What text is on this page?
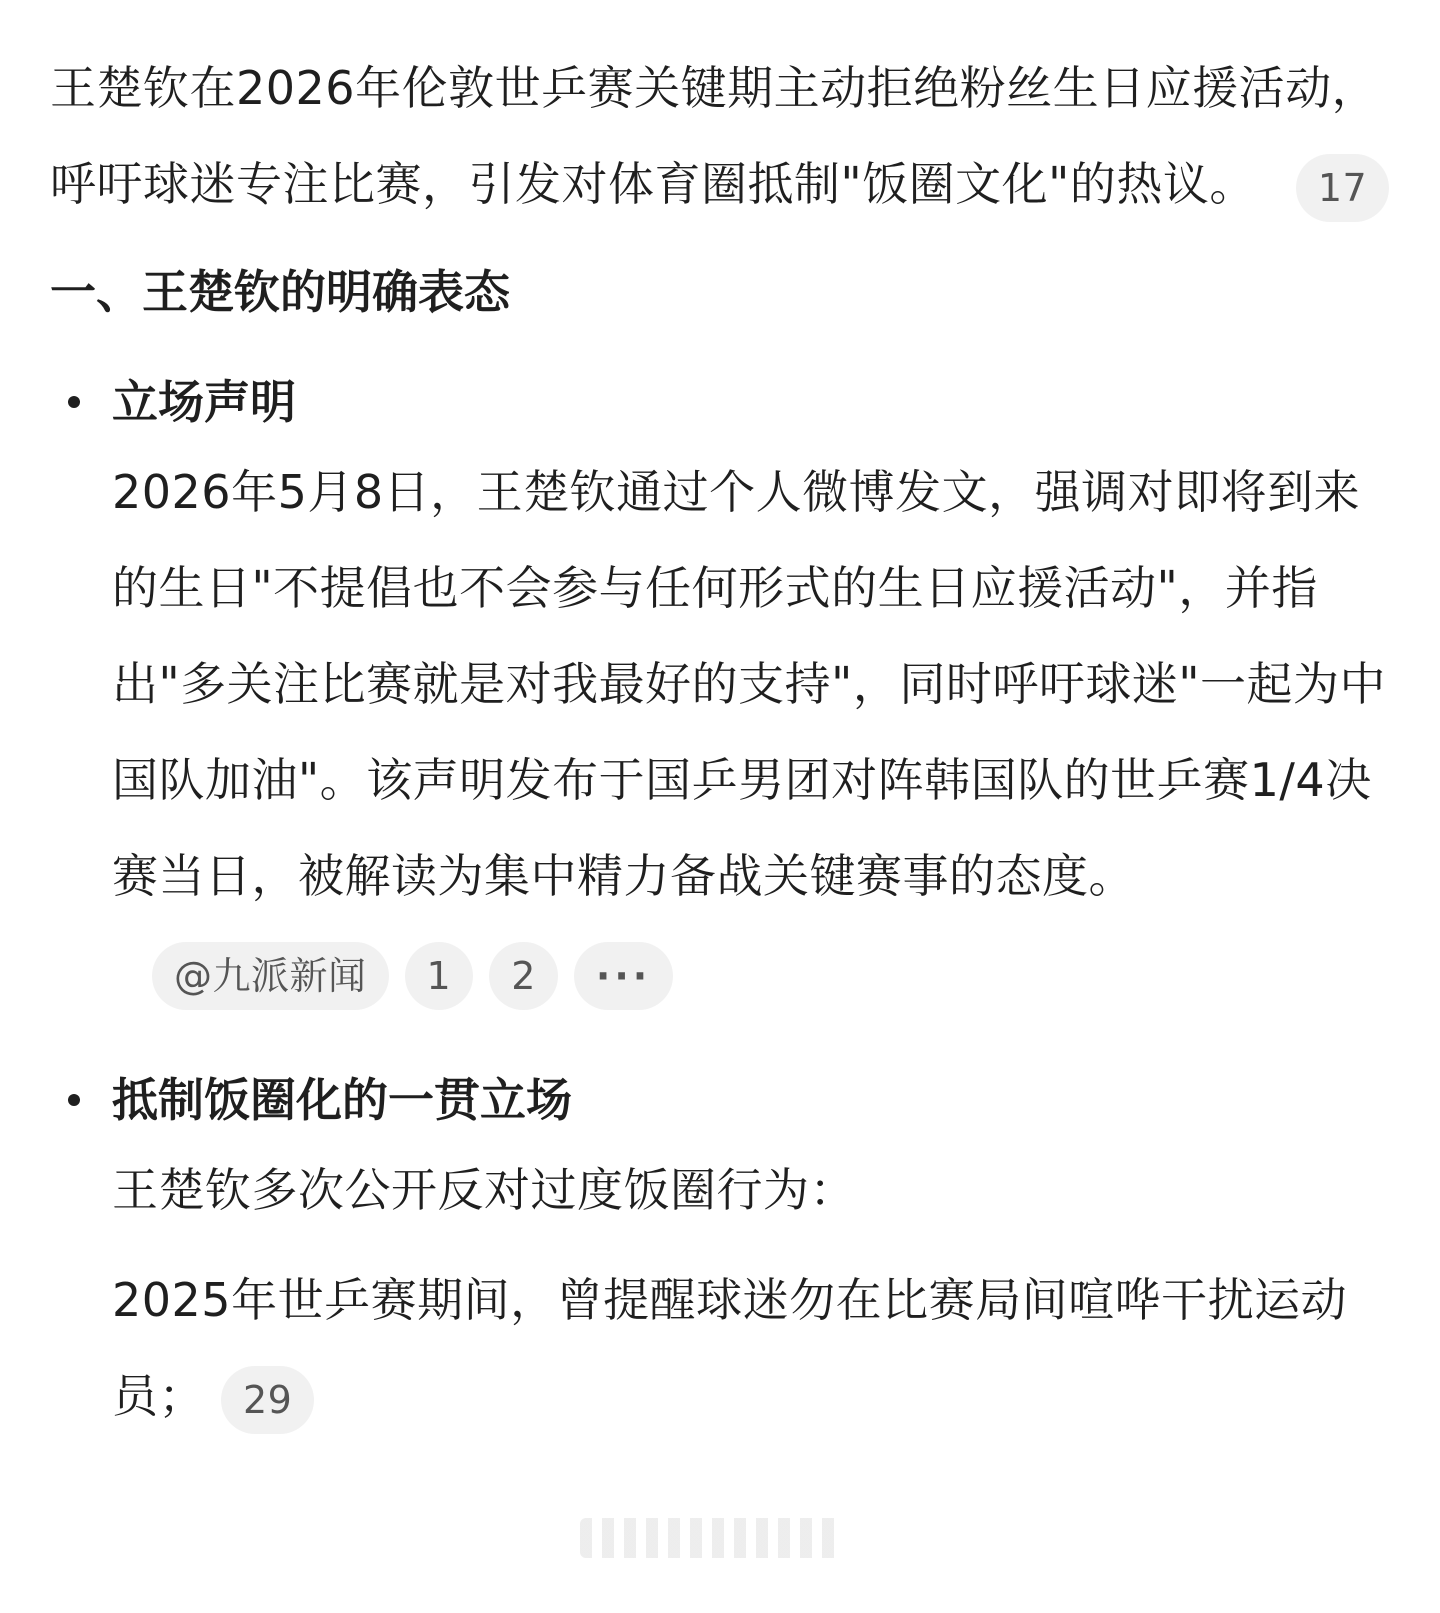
王楚钦在2026年伦敦世乒赛关键期主动拒绝粉丝生日应援活动，呼吁球迷专注比赛，引发对体育圈抵制"饭圈文化"的热议。 17

一、王楚钦的明确表态
立场声明

2026年5月8日，王楚钦通过个人微博发文，强调对即将到来的生日"不提倡也不会参与任何形式的生日应援活动"，并指出"多关注比赛就是对我最好的支持"，同时呼吁球迷"一起为中国队加油"。该声明发布于国乒男团对阵韩国队的世乒赛1/4决赛当日，被解读为集中精力备战关键赛事的态度。@九派新闻 1 2 ···

抵制饭圈化的一贯立场

王楚钦多次公开反对过度饭圈行为：

2025年世乒赛期间，曾提醒球迷勿在比赛局间喧哗干扰运动员； 29
